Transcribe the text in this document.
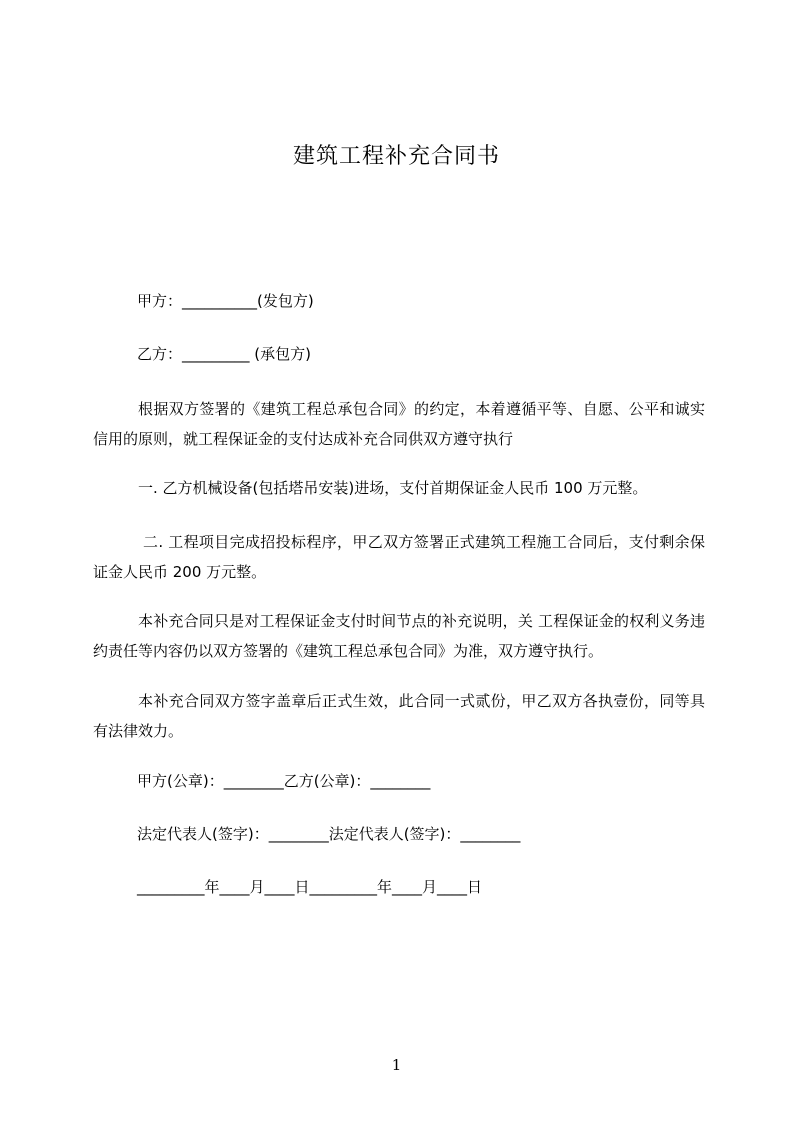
建筑工程补充合同书
甲方：__________(发包方)
乙方：_________ (承包方)
根据双方签署的《建筑工程总承包合同》的约定，本着遵循平等、自愿、公平和诚实信用的原则，就工程保证金的支付达成补充合同供双方遵守执行
一. 乙方机械设备(包括塔吊安装)进场，支付首期保证金人民币 100 万元整。
二. 工程项目完成招投标程序，甲乙双方签署正式建筑工程施工合同后，支付剩余保证金人民币 200 万元整。
本补充合同只是对工程保证金支付时间节点的补充说明，关 工程保证金的权利义务违约责任等内容仍以双方签署的《建筑工程总承包合同》为准，双方遵守执行。
本补充合同双方签字盖章后正式生效，此合同一式贰份，甲乙双方各执壹份，同等具有法律效力。
甲方(公章)：________乙方(公章)：________
法定代表人(签字)：________法定代表人(签字)：________
_________年____月____日_________年____月____日
1
